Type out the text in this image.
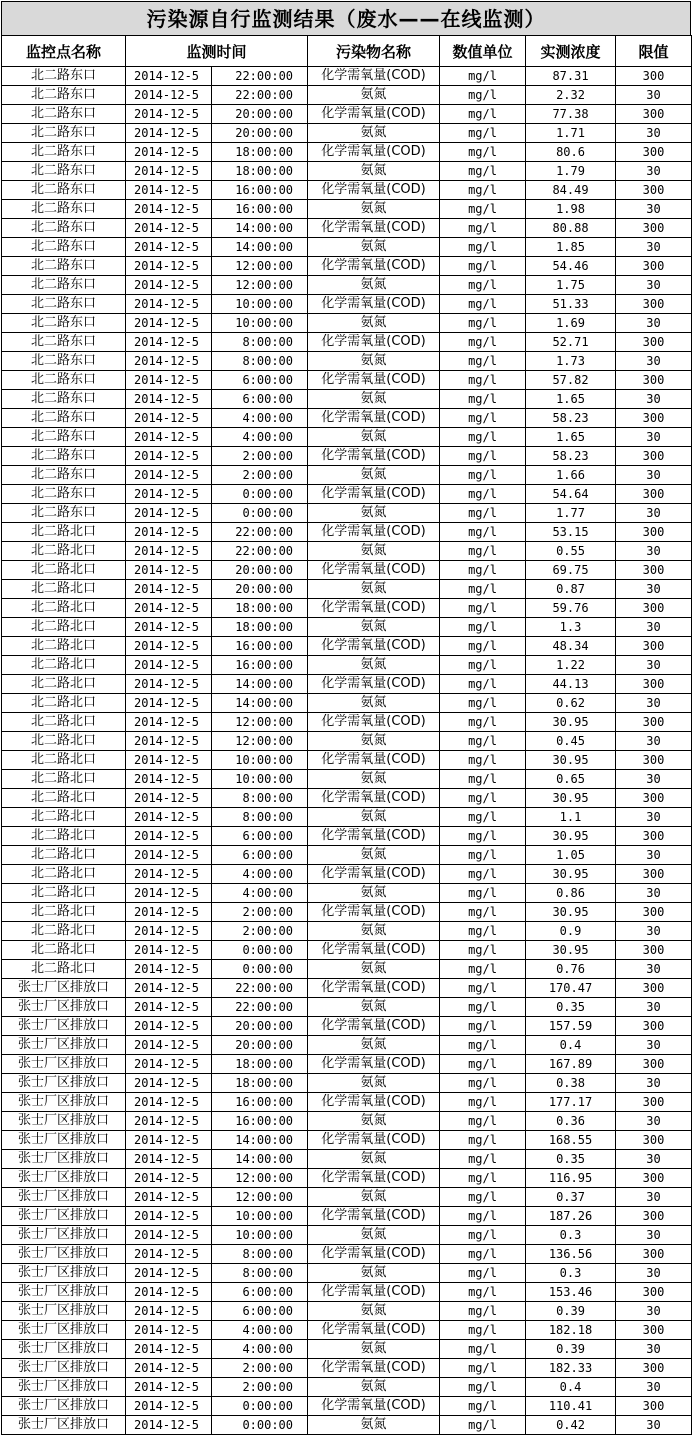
污染源自行监测结果（废水——在线监测）
监控点名称	监测时间		污染物名称	数值单位	实测浓度	限值
北二路东口	2014-12-5	22:00:00	化学需氧量(COD)	mg/l	87.31	300
北二路东口	2014-12-5	22:00:00	氨氮	mg/l	2.32	30
北二路东口	2014-12-5	20:00:00	化学需氧量(COD)	mg/l	77.38	300
北二路东口	2014-12-5	20:00:00	氨氮	mg/l	1.71	30
北二路东口	2014-12-5	18:00:00	化学需氧量(COD)	mg/l	80.6	300
北二路东口	2014-12-5	18:00:00	氨氮	mg/l	1.79	30
北二路东口	2014-12-5	16:00:00	化学需氧量(COD)	mg/l	84.49	300
北二路东口	2014-12-5	16:00:00	氨氮	mg/l	1.98	30
北二路东口	2014-12-5	14:00:00	化学需氧量(COD)	mg/l	80.88	300
北二路东口	2014-12-5	14:00:00	氨氮	mg/l	1.85	30
北二路东口	2014-12-5	12:00:00	化学需氧量(COD)	mg/l	54.46	300
北二路东口	2014-12-5	12:00:00	氨氮	mg/l	1.75	30
北二路东口	2014-12-5	10:00:00	化学需氧量(COD)	mg/l	51.33	300
北二路东口	2014-12-5	10:00:00	氨氮	mg/l	1.69	30
北二路东口	2014-12-5	8:00:00	化学需氧量(COD)	mg/l	52.71	300
北二路东口	2014-12-5	8:00:00	氨氮	mg/l	1.73	30
北二路东口	2014-12-5	6:00:00	化学需氧量(COD)	mg/l	57.82	300
北二路东口	2014-12-5	6:00:00	氨氮	mg/l	1.65	30
北二路东口	2014-12-5	4:00:00	化学需氧量(COD)	mg/l	58.23	300
北二路东口	2014-12-5	4:00:00	氨氮	mg/l	1.65	30
北二路东口	2014-12-5	2:00:00	化学需氧量(COD)	mg/l	58.23	300
北二路东口	2014-12-5	2:00:00	氨氮	mg/l	1.66	30
北二路东口	2014-12-5	0:00:00	化学需氧量(COD)	mg/l	54.64	300
北二路东口	2014-12-5	0:00:00	氨氮	mg/l	1.77	30
北二路北口	2014-12-5	22:00:00	化学需氧量(COD)	mg/l	53.15	300
北二路北口	2014-12-5	22:00:00	氨氮	mg/l	0.55	30
北二路北口	2014-12-5	20:00:00	化学需氧量(COD)	mg/l	69.75	300
北二路北口	2014-12-5	20:00:00	氨氮	mg/l	0.87	30
北二路北口	2014-12-5	18:00:00	化学需氧量(COD)	mg/l	59.76	300
北二路北口	2014-12-5	18:00:00	氨氮	mg/l	1.3	30
北二路北口	2014-12-5	16:00:00	化学需氧量(COD)	mg/l	48.34	300
北二路北口	2014-12-5	16:00:00	氨氮	mg/l	1.22	30
北二路北口	2014-12-5	14:00:00	化学需氧量(COD)	mg/l	44.13	300
北二路北口	2014-12-5	14:00:00	氨氮	mg/l	0.62	30
北二路北口	2014-12-5	12:00:00	化学需氧量(COD)	mg/l	30.95	300
北二路北口	2014-12-5	12:00:00	氨氮	mg/l	0.45	30
北二路北口	2014-12-5	10:00:00	化学需氧量(COD)	mg/l	30.95	300
北二路北口	2014-12-5	10:00:00	氨氮	mg/l	0.65	30
北二路北口	2014-12-5	8:00:00	化学需氧量(COD)	mg/l	30.95	300
北二路北口	2014-12-5	8:00:00	氨氮	mg/l	1.1	30
北二路北口	2014-12-5	6:00:00	化学需氧量(COD)	mg/l	30.95	300
北二路北口	2014-12-5	6:00:00	氨氮	mg/l	1.05	30
北二路北口	2014-12-5	4:00:00	化学需氧量(COD)	mg/l	30.95	300
北二路北口	2014-12-5	4:00:00	氨氮	mg/l	0.86	30
北二路北口	2014-12-5	2:00:00	化学需氧量(COD)	mg/l	30.95	300
北二路北口	2014-12-5	2:00:00	氨氮	mg/l	0.9	30
北二路北口	2014-12-5	0:00:00	化学需氧量(COD)	mg/l	30.95	300
北二路北口	2014-12-5	0:00:00	氨氮	mg/l	0.76	30
张士厂区排放口	2014-12-5	22:00:00	化学需氧量(COD)	mg/l	170.47	300
张士厂区排放口	2014-12-5	22:00:00	氨氮	mg/l	0.35	30
张士厂区排放口	2014-12-5	20:00:00	化学需氧量(COD)	mg/l	157.59	300
张士厂区排放口	2014-12-5	20:00:00	氨氮	mg/l	0.4	30
张士厂区排放口	2014-12-5	18:00:00	化学需氧量(COD)	mg/l	167.89	300
张士厂区排放口	2014-12-5	18:00:00	氨氮	mg/l	0.38	30
张士厂区排放口	2014-12-5	16:00:00	化学需氧量(COD)	mg/l	177.17	300
张士厂区排放口	2014-12-5	16:00:00	氨氮	mg/l	0.36	30
张士厂区排放口	2014-12-5	14:00:00	化学需氧量(COD)	mg/l	168.55	300
张士厂区排放口	2014-12-5	14:00:00	氨氮	mg/l	0.35	30
张士厂区排放口	2014-12-5	12:00:00	化学需氧量(COD)	mg/l	116.95	300
张士厂区排放口	2014-12-5	12:00:00	氨氮	mg/l	0.37	30
张士厂区排放口	2014-12-5	10:00:00	化学需氧量(COD)	mg/l	187.26	300
张士厂区排放口	2014-12-5	10:00:00	氨氮	mg/l	0.3	30
张士厂区排放口	2014-12-5	8:00:00	化学需氧量(COD)	mg/l	136.56	300
张士厂区排放口	2014-12-5	8:00:00	氨氮	mg/l	0.3	30
张士厂区排放口	2014-12-5	6:00:00	化学需氧量(COD)	mg/l	153.46	300
张士厂区排放口	2014-12-5	6:00:00	氨氮	mg/l	0.39	30
张士厂区排放口	2014-12-5	4:00:00	化学需氧量(COD)	mg/l	182.18	300
张士厂区排放口	2014-12-5	4:00:00	氨氮	mg/l	0.39	30
张士厂区排放口	2014-12-5	2:00:00	化学需氧量(COD)	mg/l	182.33	300
张士厂区排放口	2014-12-5	2:00:00	氨氮	mg/l	0.4	30
张士厂区排放口	2014-12-5	0:00:00	化学需氧量(COD)	mg/l	110.41	300
张士厂区排放口	2014-12-5	0:00:00	氨氮	mg/l	0.42	30
